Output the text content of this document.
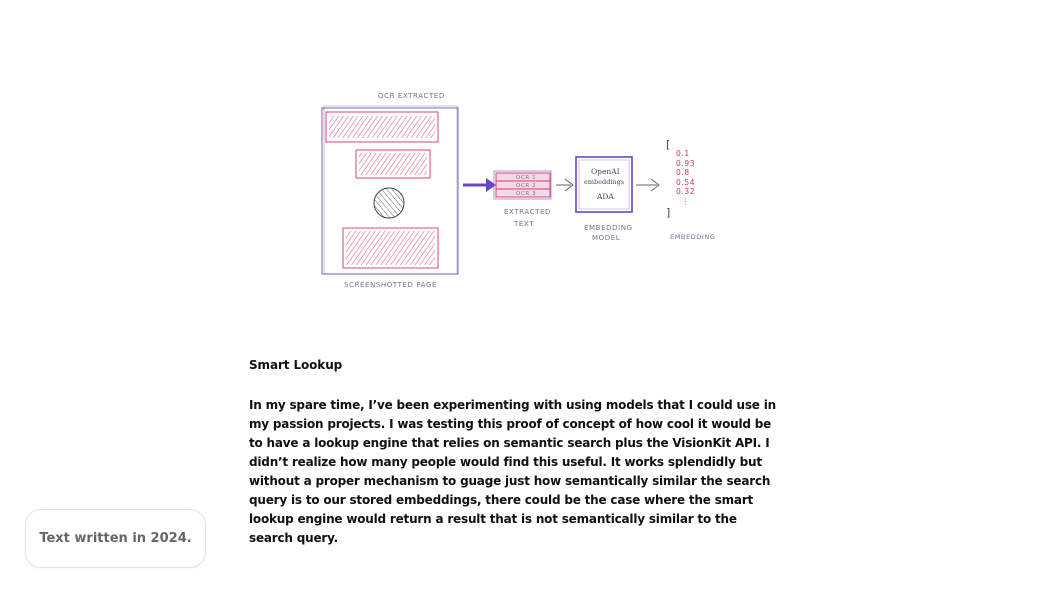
OCR EXTRACTED
SCREENSHOTTED PAGE
OCR 1
OCR 2
OCR 3
EXTRACTED
TEXT
OpenAI
embeddings
ADA
EMBEDDING
MODEL
[
0.1
0.93
0.8
0.54
0.32
⋮
]
EMBEDDING
Smart Lookup

In my spare time, I’ve been experimenting with using models that I could use in my passion projects. I was testing this proof of concept of how cool it would be to have a lookup engine that relies on semantic search plus the VisionKit API. I didn’t realize how many people would find this useful. It works splendidly but without a proper mechanism to guage just how semantically similar the search query is to our stored embeddings, there could be the case where the smart lookup engine would return a result that is not semantically similar to the search query.

Text written in 2024.
